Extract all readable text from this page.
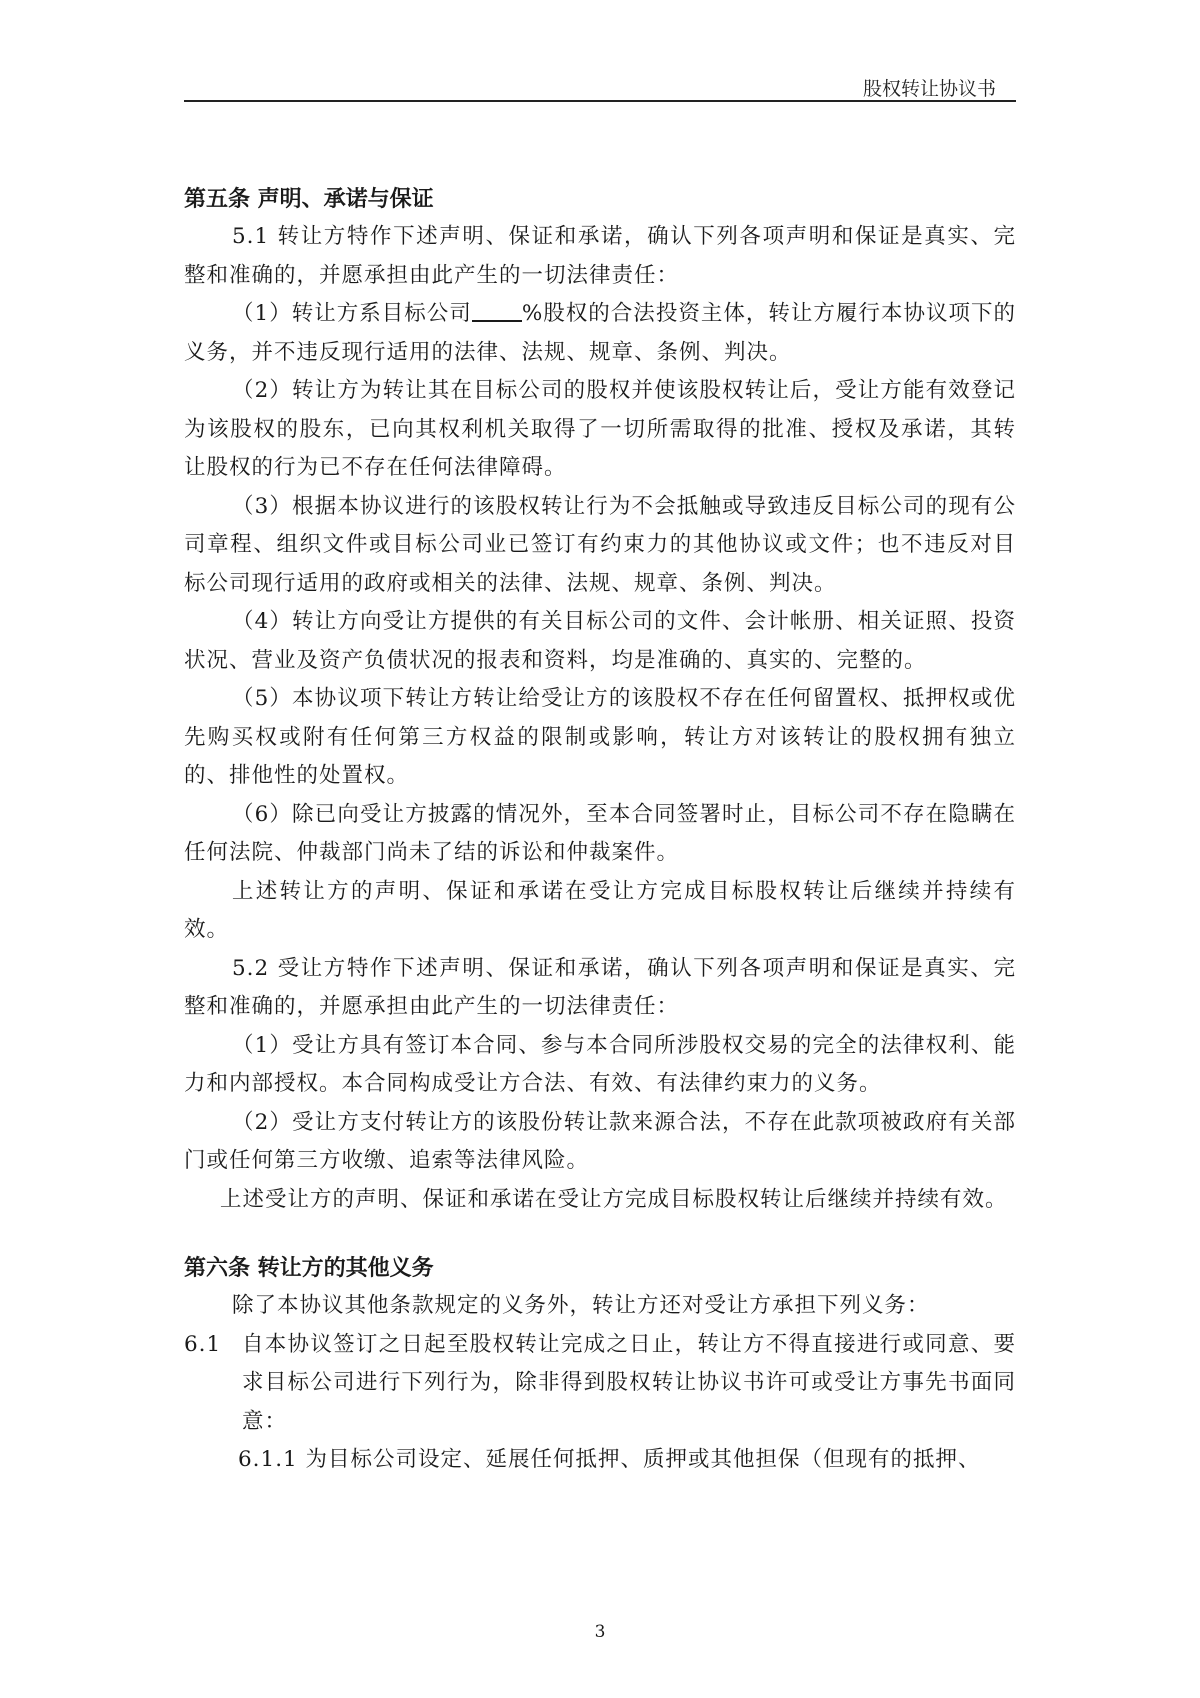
股权转让协议书

第五条 声明、承诺与保证

5.1 转让方特作下述声明、保证和承诺，确认下列各项声明和保证是真实、完整和准确的，并愿承担由此产生的一切法律责任：

（1）转让方系目标公司 %股权的合法投资主体，转让方履行本协议项下的义务，并不违反现行适用的法律、法规、规章、条例、判决。

（2）转让方为转让其在目标公司的股权并使该股权转让后，受让方能有效登记为该股权的股东，已向其权利机关取得了一切所需取得的批准、授权及承诺，其转让股权的行为已不存在任何法律障碍。

（3）根据本协议进行的该股权转让行为不会抵触或导致违反目标公司的现有公司章程、组织文件或目标公司业已签订有约束力的其他协议或文件；也不违反对目标公司现行适用的政府或相关的法律、法规、规章、条例、判决。

（4）转让方向受让方提供的有关目标公司的文件、会计帐册、相关证照、投资状况、营业及资产负债状况的报表和资料，均是准确的、真实的、完整的。

（5）本协议项下转让方转让给受让方的该股权不存在任何留置权、抵押权或优先购买权或附有任何第三方权益的限制或影响，转让方对该转让的股权拥有独立的、排他性的处置权。

（6）除已向受让方披露的情况外，至本合同签署时止，目标公司不存在隐瞒在任何法院、仲裁部门尚未了结的诉讼和仲裁案件。

上述转让方的声明、保证和承诺在受让方完成目标股权转让后继续并持续有效。

5.2 受让方特作下述声明、保证和承诺，确认下列各项声明和保证是真实、完整和准确的，并愿承担由此产生的一切法律责任：

（1）受让方具有签订本合同、参与本合同所涉股权交易的完全的法律权利、能力和内部授权。本合同构成受让方合法、有效、有法律约束力的义务。

（2）受让方支付转让方的该股份转让款来源合法，不存在此款项被政府有关部门或任何第三方收缴、追索等法律风险。

上述受让方的声明、保证和承诺在受让方完成目标股权转让后继续并持续有效。

第六条 转让方的其他义务

除了本协议其他条款规定的义务外，转让方还对受让方承担下列义务：

6.1 自本协议签订之日起至股权转让完成之日止，转让方不得直接进行或同意、要求目标公司进行下列行为，除非得到股权转让协议书许可或受让方事先书面同意：

6.1.1 为目标公司设定、延展任何抵押、质押或其他担保（但现有的抵押、

3
